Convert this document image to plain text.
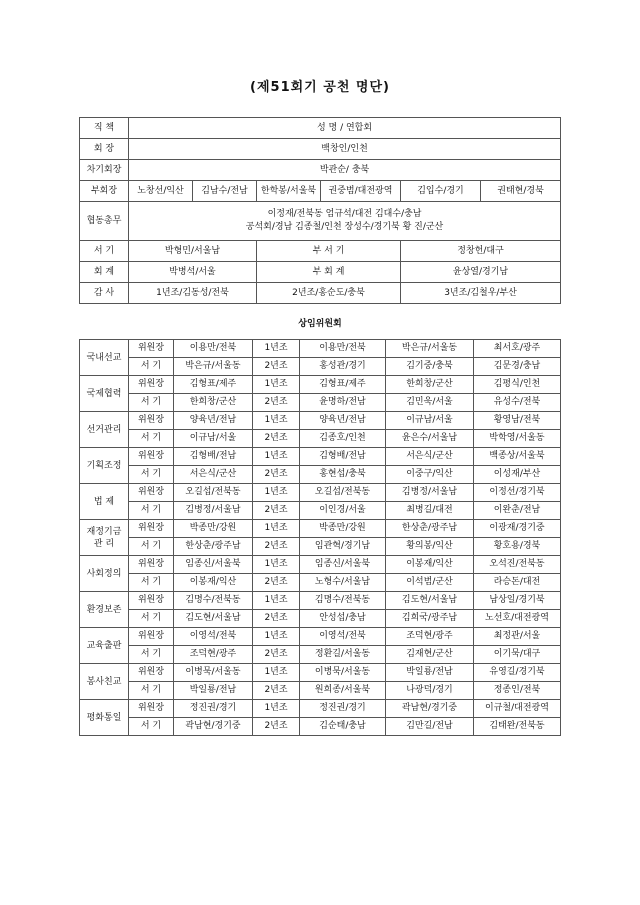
(제51회기 공천 명단)
직 책	성 명 / 연합회					
회 장	백창인/인천					
차기회장	박관순/ 충북					
부회장	노창선/익산	김남수/전남	한학봉/서울북	권중범/대전광역	김입수/경기	권태현/경북
협동총무	이정재/전북동 엄규석/대전 김대수/충남
공석회/경남 김종철/인천 장성수/경기북 황 진/군산					

서 기	박형민/서울남		부 서 기		정창헌/대구	
회 계	박병석/서울		부 회 계		윤상열/경기남	
감 사	1년조/김동성/전북		2년조/홍순도/충북		3년조/김철우/부산	
상임위원회
국내선교	위원장	이용만/전북	1년조	이용만/전북	박은규/서울동	최서호/광주
	서 기	박은규/서울동	2년조	홍성관/경기	김기중/충북	김문경/충남
국제협력	위원장	김형표/제주	1년조	김형표/제주	한희창/군산	김평식/인천
	서 기	한희창/군산	2년조	윤명하/전남	김민욱/서울	유성수/전북
선거관리	위원장	양육년/전남	1년조	양육년/전남	이규남/서울	황영남/전북
	서 기	이규남/서울	2년조	김종호/인천	윤은수/서울남	박학영/서울동
기획조정	위원장	김형배/전남	1년조	김형배/전남	서은식/군산	백종상/서울북
	서 기	서은식/군산	2년조	홍현섭/충북	이중구/익산	이성재/부산
법 제	위원장	오길섭/전북동	1년조	오길섭/전북동	김병정/서울남	이정선/경기북
	서 기	김병정/서울남	2년조	이인경/서울	최병길/대전	이완춘/전남
재정기금 관 리	위원장	박종만/강원	1년조	박종만/강원	한상춘/광주남	이광재/경기중
	서 기	한상춘/광주남	2년조	임관혁/경기남	황의봉/익산	황호용/경북
사회정의	위원장	임종신/서울북	1년조	임종신/서울북	이봉재/익산	오석진/전북동
	서 기	이봉재/익산	2년조	노형수/서울남	이석범/군산	라승돈/대전
환경보존	위원장	김명수/전북동	1년조	김명수/전북동	김도현/서울남	남상일/경기북
	서 기	김도현/서울남	2년조	안성섭/충남	김희국/광주남	노선호/대전광역
교육출판	위원장	이영석/전북	1년조	이영석/전북	조덕현/광주	최정관/서울
	서 기	조덕현/광주	2년조	정환길/서울동	김재현/군산	이기묵/대구
봉사친교	위원장	이병묵/서울동	1년조	이병묵/서울동	박일룡/전남	유영길/경기북
	서 기	박일룡/전남	2년조	원희종/서울북	나광덕/경기	정종인/전북
평화통일	위원장	정진권/경기	1년조	정진권/경기	곽남현/경기중	이규철/대전광역
	서 기	곽남현/경기중	2년조	김순태/충남	김만길/전남	김태완/전북동
